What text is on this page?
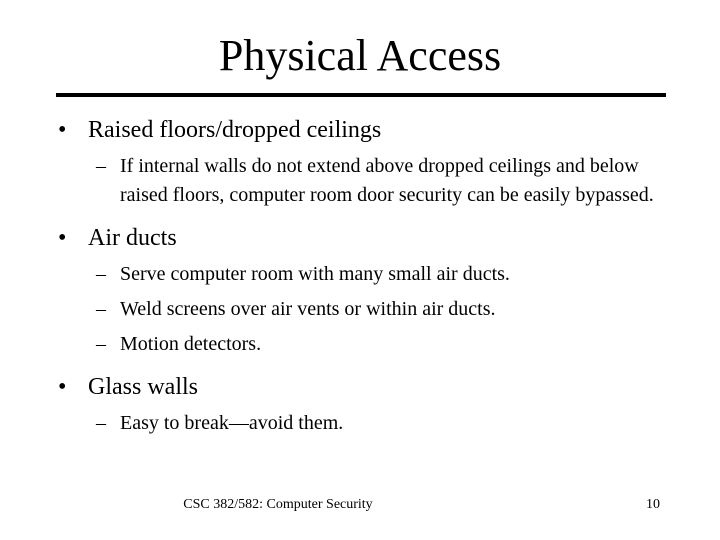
Physical Access
• Raised floors/dropped ceilings
– If internal walls do not extend above dropped ceilings and below raised floors, computer room door security can be easily bypassed.
• Air ducts
– Serve computer room with many small air ducts.
– Weld screens over air vents or within air ducts.
– Motion detectors.
• Glass walls
– Easy to break—avoid them.
CSC 382/582: Computer Security	10
